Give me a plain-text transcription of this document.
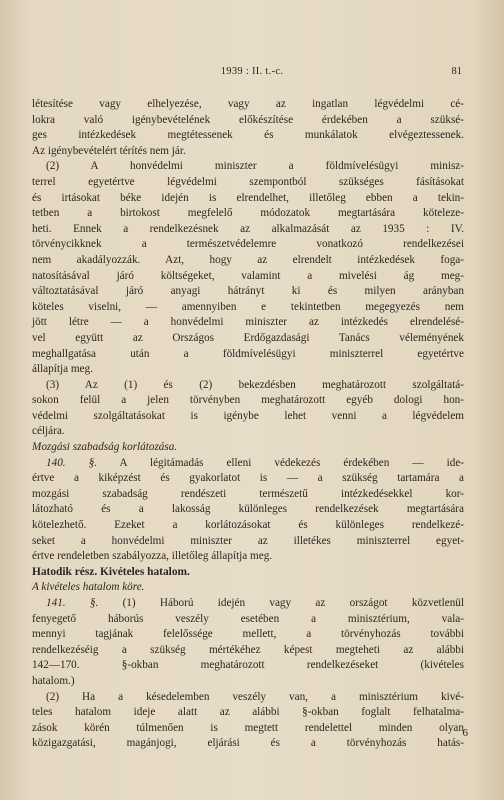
1939 : II. t.-c.	81

létesítése vagy elhelyezése, vagy az ingatlan légvédelmi cé-

lokra való igénybevételének előkészítése érdekében a szüksé-

ges intézkedések megtétessenek és munkálatok elvégeztessenek.

Az igénybevételért térítés nem jár.

(2) A honvédelmi miniszter a földmívelésügyi minisz-

terrel egyetértve légvédelmi szempontból szükséges fásításokat

és irtásokat béke idején is elrendelhet, illetőleg ebben a tekin-

tetben a birtokost megfelelő módozatok megtartására köteleze-

heti. Ennek a rendelkezésnek az alkalmazását az 1935 : IV.

törvénycikknek a természetvédelemre vonatkozó rendelkezései

nem akadályozzák. Azt, hogy az elrendelt intézkedések foga-

natosításával járó költségeket, valamint a mivelési ág meg-

változtatásával járó anyagi hátrányt ki és milyen arányban

köteles viselni, — amennyiben e tekintetben megegyezés nem

jött létre — a honvédelmi miniszter az intézkedés elrendelésé-

vel együtt az Országos Erdőgazdasági Tanács véleményének

meghallgatása után a földmívelésügyi miniszterrel egyetértve

állapítja meg.

(3) Az (1) és (2) bekezdésben meghatározott szolgáltatá-

sokon felül a jelen törvényben meghatározott egyéb dologi hon-

védelmi szolgáltatásokat is igénybe lehet venni a légvédelem

céljára.

Mozgási szabadság korlátozása.

140. §. A légitámadás elleni védekezés érdekében — ide-

értve a kiképzést és gyakorlatot is — a szükség tartamára a

mozgási szabadság rendészeti természetű intézkedésekkel kor-

látozható és a lakosság különleges rendelkezések megtartására

kötelezhető. Ezeket a korlátozásokat és különleges rendelkezé-

seket a honvédelmi miniszter az illetékes miniszterrel egyet-

értve rendeletben szabályozza, illetőleg állapítja meg.

Hatodik rész. Kivételes hatalom.

A kivételes hatalom köre.

141. §. (1) Háború idején vagy az országot közvetlenül

fenyegető háborús veszély esetében a minisztérium, vala-

mennyi tagjának felelőssége mellett, a törvényhozás további

rendelkezéséig a szükség mértékéhez képest megteheti az alábbi

142—170. §-okban meghatározott rendelkezéseket (kivételes

hatalom.)

(2) Ha a késedelemben veszély van, a minisztérium kivé-

teles hatalom ideje alatt az alábbi §-okban foglalt felhatalma-

zások körén túlmenően is megtett rendelettel minden olyan

közigazgatási, magánjogi, eljárási és a törvényhozás hatás-

6
